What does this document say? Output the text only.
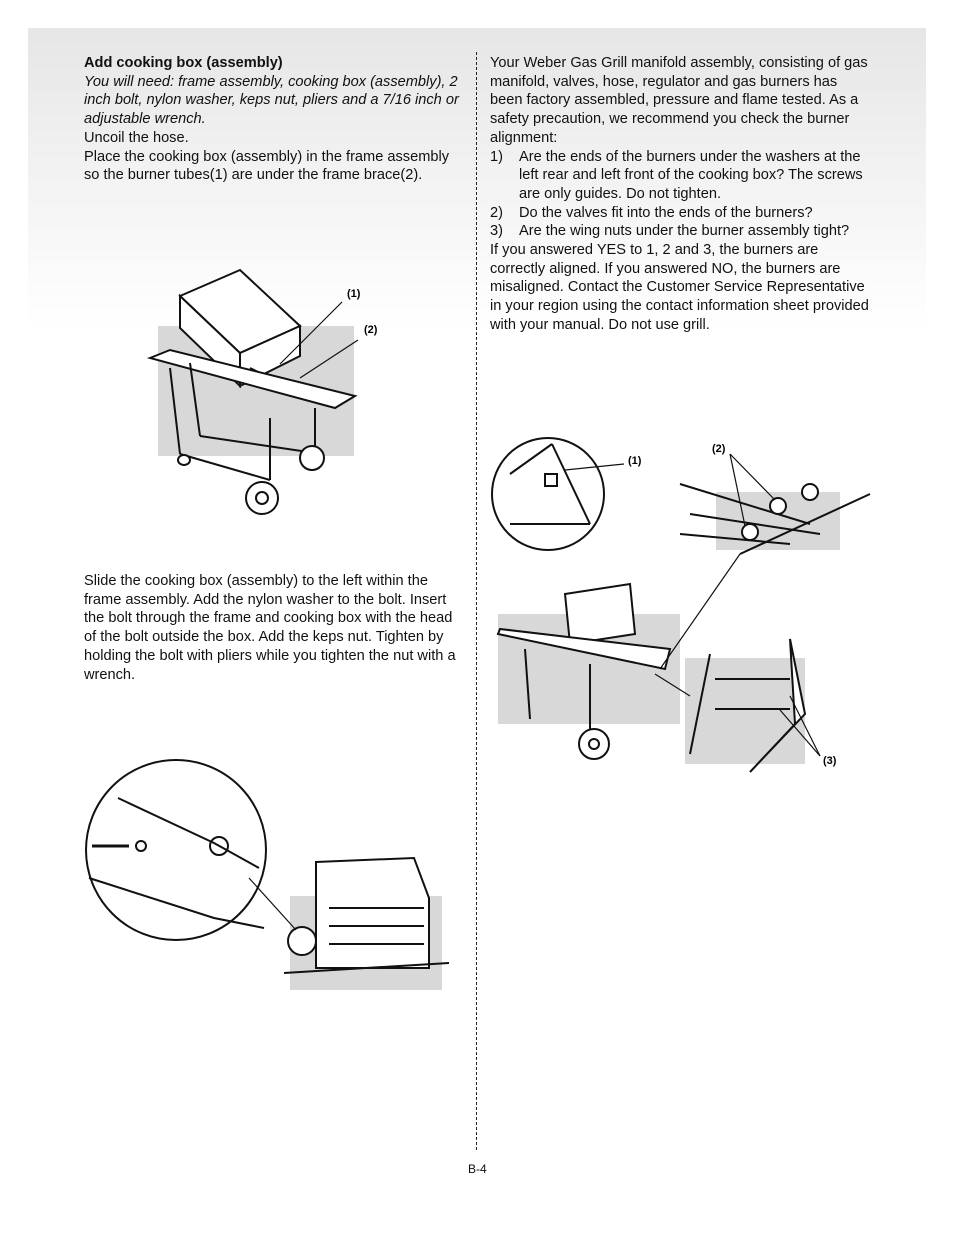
Add cooking box (assembly)

You will need: frame assembly, cooking box (assembly), 2 inch bolt, nylon washer, keps nut, pliers and a 7/16 inch or adjustable wrench.

Uncoil the hose.

Place the cooking box (assembly) in the frame assembly so the burner tubes(1) are under the frame brace(2).

Slide the cooking box (assembly) to the left within the frame assembly. Add the nylon washer to the bolt. Insert the bolt through the frame and cooking box with the head of the bolt outside the box. Add the keps nut. Tighten by holding the bolt with pliers while you tighten the nut with a wrench.

Your Weber Gas Grill manifold assembly, consisting of gas manifold, valves, hose, regulator and gas burners has been factory assembled, pressure and flame tested. As a safety precaution, we recommend you check the burner alignment:

1) Are the ends of the burners under the washers at the left rear and left front of the cooking box? The screws are only guides. Do not tighten.
2) Do the valves fit into the ends of the burners?
3) Are the wing nuts under the burner assembly tight?

If you answered YES to 1, 2 and 3, the burners are correctly aligned. If you answered NO, the burners are misaligned. Contact the Customer Service Representative in your region using the contact information sheet provided with your manual. Do not use grill.

(1)
(2)
(1)
(2)
(3)
B-4
